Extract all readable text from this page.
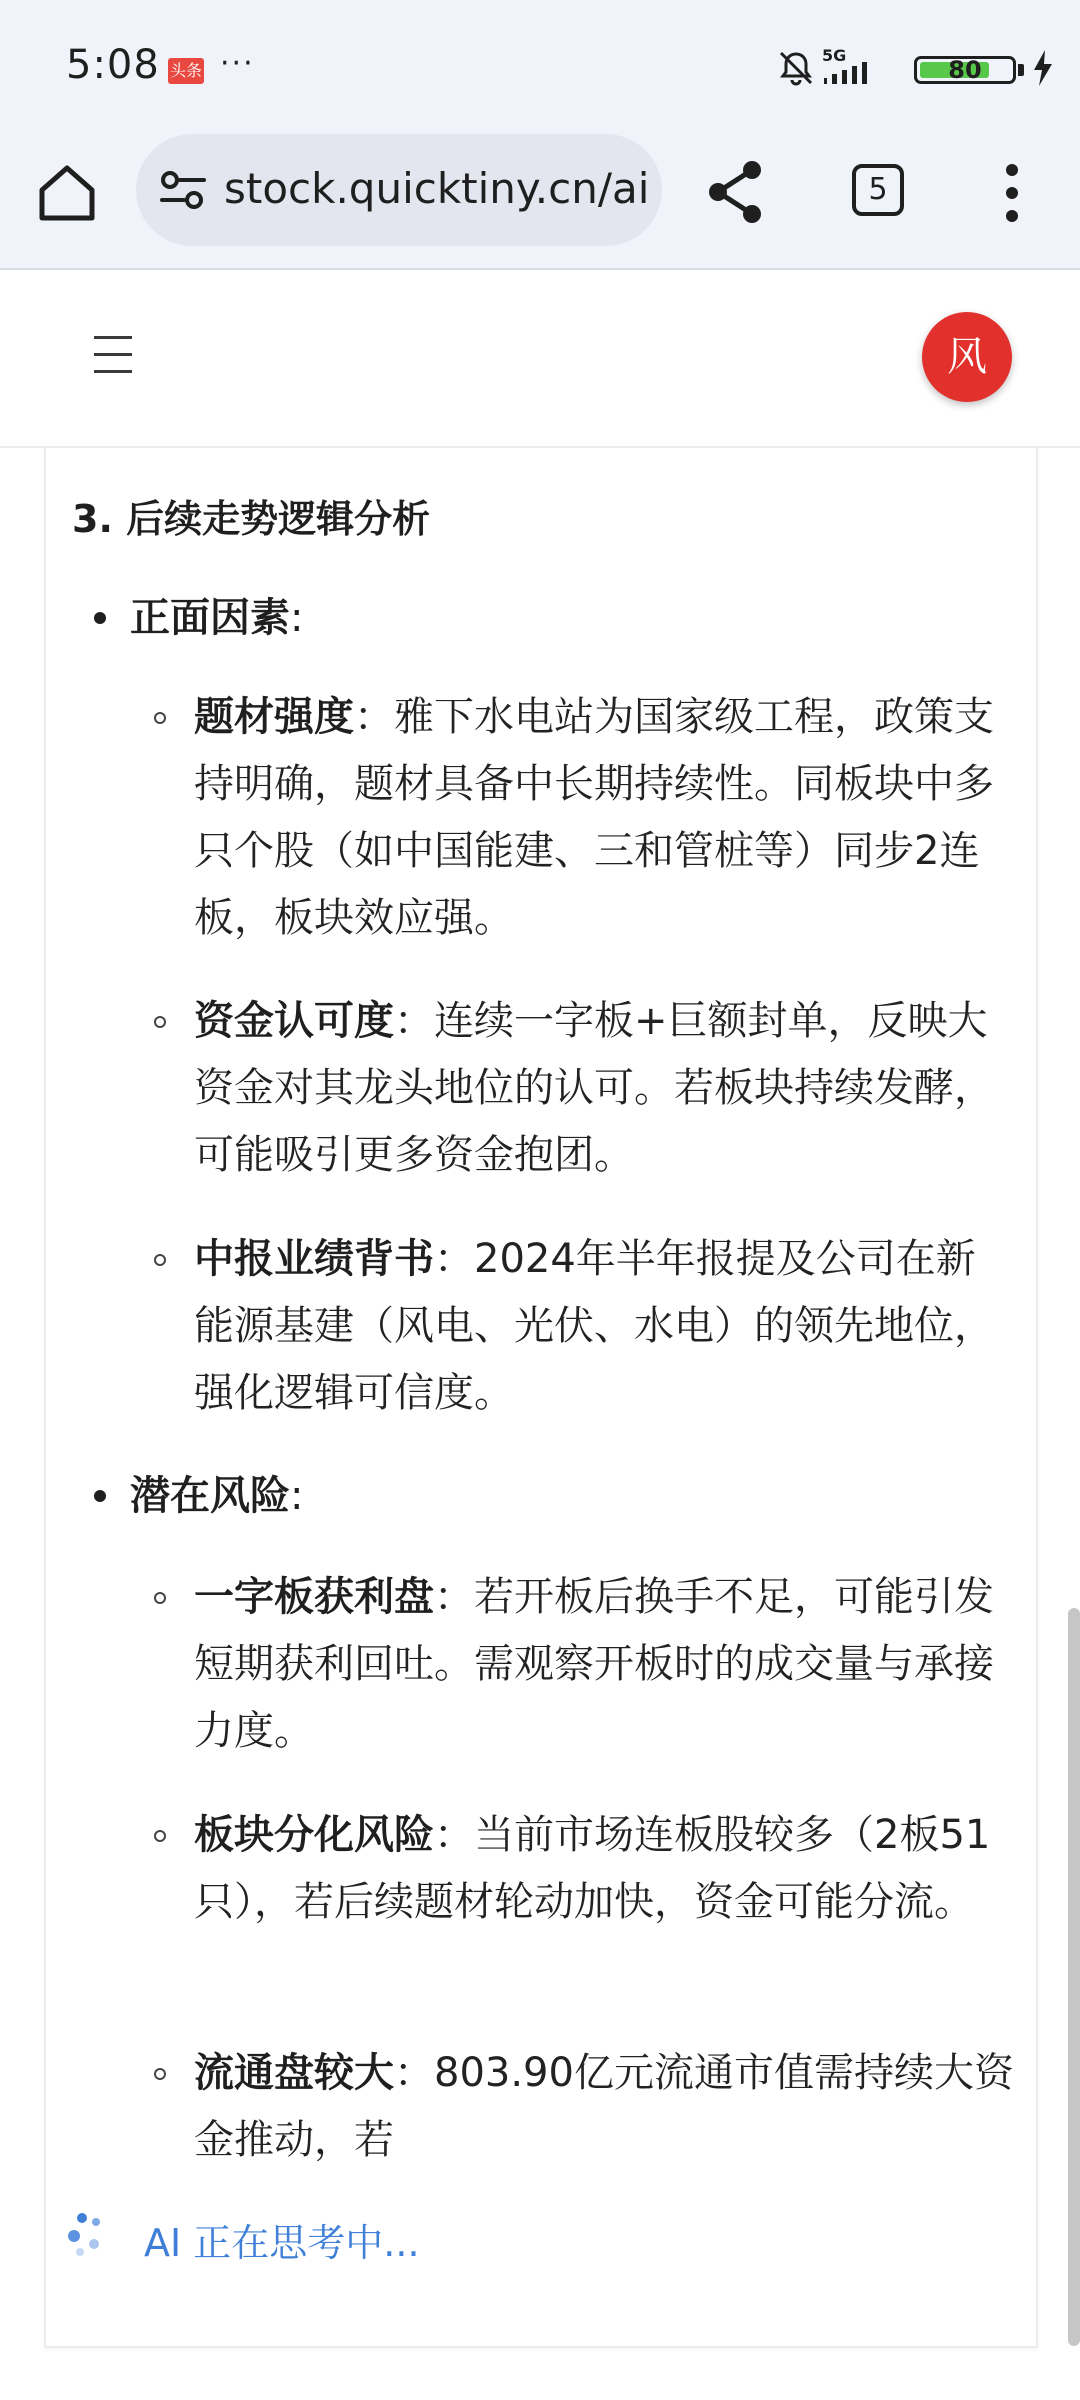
5:08 头条 ···	5G
80
stock.quicktiny.cn/ai	5
风
3. 后续走势逻辑分析
正面因素:
题材强度：雅下水电站为国家级工程，政策支持明确，题材具备中长期持续性。同板块中多只个股（如中国能建、三和管桩等）同步2连板，板块效应强。
资金认可度：连续一字板+巨额封单，反映大资金对其龙头地位的认可。若板块持续发酵，可能吸引更多资金抱团。
中报业绩背书：2024年半年报提及公司在新能源基建（风电、光伏、水电）的领先地位，强化逻辑可信度。
潜在风险:
一字板获利盘：若开板后换手不足，可能引发短期获利回吐。需观察开板时的成交量与承接力度。
板块分化风险：当前市场连板股较多（2板51只），若后续题材轮动加快，资金可能分流。
流通盘较大：803.90亿元流通市值需持续大资金推动，若
AI 正在思考中...
